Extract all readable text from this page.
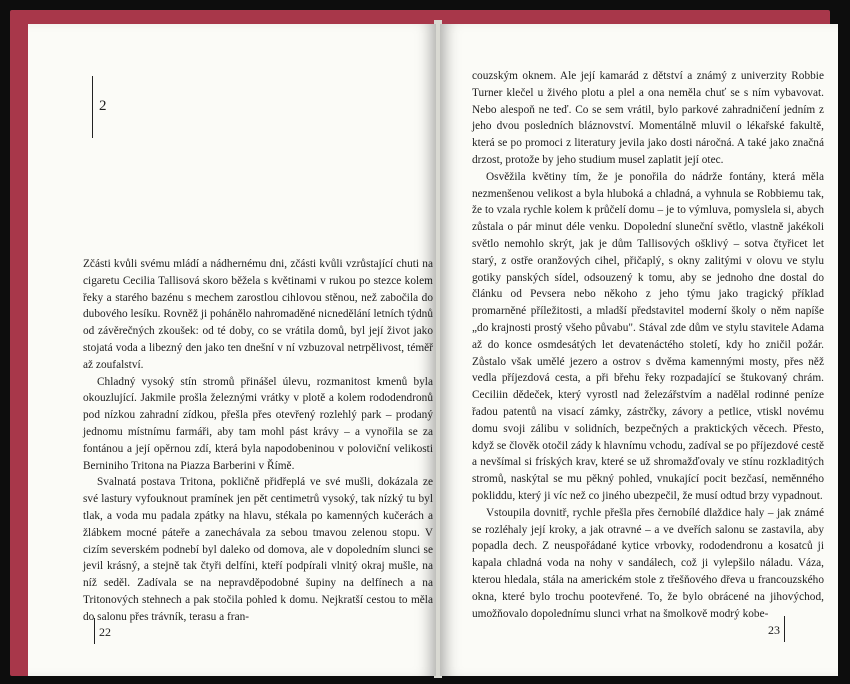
2

Zčásti kvůli svému mládí a nádhernému dni, zčásti kvůli vzrůstající chuti na cigaretu Cecilia Tallisová skoro běžela s květinami v rukou po stezce kolem řeky a starého bazénu s mechem zarostlou cihlovou stěnou, než zabočila do dubového lesíku. Rovněž ji pohánělo nahromaděné nicnedělání letních týdnů od závěrečných zkoušek: od té doby, co se vrátila domů, byl její život jako stojatá voda a libezný den jako ten dnešní v ní vzbuzoval netrpělivost, téměř až zoufalství.

Chladný vysoký stín stromů přinášel úlevu, rozmanitost kmenů byla okouzlující. Jakmile prošla železnými vrátky v plotě a kolem rododendronů pod nízkou zahradní zídkou, přešla přes otevřený rozlehlý park – prodaný jednomu místnímu farmáři, aby tam mohl pást krávy – a vynořila se za fontánou a její opěrnou zdí, která byla napodobeninou v poloviční velikosti Berniniho Tritona na Piazza Barberini v Římě.

Svalnatá postava Tritona, pokličně přidřeplá ve své mušli, dokázala ze své lastury vyfouknout pramínek jen pět centimetrů vysoký, tak nízký tu byl tlak, a voda mu padala zpátky na hlavu, stékala po kamenných kučerách a žlábkem mocné páteře a zanechávala za sebou tmavou zelenou stopu. V cizím severském podnebí byl daleko od domova, ale v dopoledním slunci se jevil krásný, a stejně tak čtyři delfíni, kteří podpírali vlnitý okraj mušle, na níž seděl. Zadívala se na nepravděpodobné šupiny na delfínech a na Tritonových stehnech a pak stočila pohled k domu. Nejkratší cestou to měla do salonu přes trávník, terasu a fran-

22

couzským oknem. Ale její kamarád z dětství a známý z univerzity Robbie Turner klečel u živého plotu a plel a ona neměla chuť se s ním vybavovat. Nebo alespoň ne teď. Co se sem vrátil, bylo parkové zahradničení jedním z jeho dvou posledních bláznovství. Momentálně mluvil o lékařské fakultě, která se po promoci z literatury jevila jako dosti náročná. A také jako značná drzost, protože by jeho studium musel zaplatit její otec.

Osvěžila květiny tím, že je ponořila do nádrže fontány, která měla nezmenšenou velikost a byla hluboká a chladná, a vyhnula se Robbiemu tak, že to vzala rychle kolem k průčelí domu – je to výmluva, pomyslela si, abych zůstala o pár minut déle venku. Dopolední sluneční světlo, vlastně jakékoli světlo nemohlo skrýt, jak je dům Tallisových ošklivý – sotva čtyřicet let starý, z ostře oranžových cihel, přičaplý, s okny zalitými v olovu ve stylu gotiky panských sídel, odsouzený k tomu, aby se jednoho dne dostal do článku od Pevsera nebo někoho z jeho týmu jako tragický příklad promarněné příležitosti, a mladší představitel moderní školy o něm napíše „do krajnosti prostý všeho půvabu". Stával zde dům ve stylu stavitele Adama až do konce osmdesátých let devatenáctého století, kdy ho zničil požár. Zůstalo však umělé jezero a ostrov s dvěma kamennými mosty, přes něž vedla příjezdová cesta, a při břehu řeky rozpadající se štukovaný chrám. Ceciliin dědeček, který vyrostl nad železářstvím a nadělal rodinné peníze řadou patentů na visací zámky, zástrčky, závory a petlice, vtiskl novému domu svoji zálibu v solidních, bezpečných a praktických věcech. Přesto, když se člověk otočil zády k hlavnímu vchodu, zadíval se po příjezdové cestě a nevšímal si fríských krav, které se už shromažďovaly ve stínu rozkladitých stromů, naskýtal se mu pěkný pohled, vnukající pocit bezčasí, neměnného pokliddu, který ji víc než co jiného ubezpečil, že musí odtud brzy vypadnout.

Vstoupila dovnitř, rychle přešla přes černobílé dlaždice haly – jak známé se rozléhaly její kroky, a jak otravné – a ve dveřích salonu se zastavila, aby popadla dech. Z neuspořádané kytice vrbovky, rododendronu a kosatců ji kapala chladná voda na nohy v sandálech, což ji vylepšilo náladu. Váza, kterou hledala, stála na americkém stole z třešňového dřeva u francouzského okna, které bylo trochu pootevřené. To, že bylo obrácené na jihovýchod, umožňovalo dopolednímu slunci vrhat na šmolkově modrý kobe-

23
